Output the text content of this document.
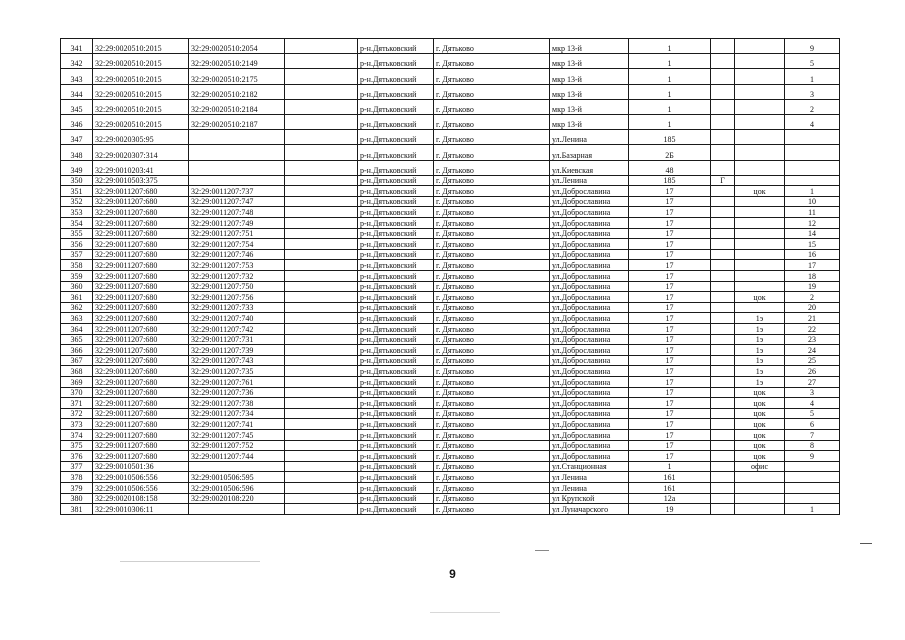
341	32:29:0020510:2015	32:29:0020510:2054		р-н.Дятьковский	г. Дятьково	мкр 13-й	1			9
342	32:29:0020510:2015	32:29:0020510:2149		р-н.Дятьковский	г. Дятьково	мкр 13-й	1			5
343	32:29:0020510:2015	32:29:0020510:2175		р-н.Дятьковский	г. Дятьково	мкр 13-й	1			1
344	32:29:0020510:2015	32:29:0020510:2182		р-н.Дятьковский	г. Дятьково	мкр 13-й	1			3
345	32:29:0020510:2015	32:29:0020510:2184		р-н.Дятьковский	г. Дятьково	мкр 13-й	1			2
346	32:29:0020510:2015	32:29:0020510:2187		р-н.Дятьковский	г. Дятьково	мкр 13-й	1			4
347	32:29:0020305:95			р-н.Дятьковский	г. Дятьково	ул.Ленина	185			
348	32:29:0020307:314			р-н.Дятьковский	г. Дятьково	ул.Базарная	2Б			
349	32:29:0010203:41			р-н.Дятьковский	г. Дятьково	ул.Киевская	48			
350	32:29:0010503:375			р-н.Дятьковский	г. Дятьково	ул.Ленина	185	Г		
351	32:29:0011207:680	32:29:0011207:737		р-н.Дятьковский	г. Дятьково	ул.Доброславина	17		цок	1
352	32:29:0011207:680	32:29:0011207:747		р-н.Дятьковский	г. Дятьково	ул.Доброславина	17			10
353	32:29:0011207:680	32:29:0011207:748		р-н.Дятьковский	г. Дятьково	ул.Доброславина	17			11
354	32:29:0011207:680	32:29:0011207:749		р-н.Дятьковский	г. Дятьково	ул.Доброславина	17			12
355	32:29:0011207:680	32:29:0011207:751		р-н.Дятьковский	г. Дятьково	ул.Доброславина	17			14
356	32:29:0011207:680	32:29:0011207:754		р-н.Дятьковский	г. Дятьково	ул.Доброславина	17			15
357	32:29:0011207:680	32:29:0011207:746		р-н.Дятьковский	г. Дятьково	ул.Доброславина	17			16
358	32:29:0011207:680	32:29:0011207:753		р-н.Дятьковский	г. Дятьково	ул.Доброславина	17			17
359	32:29:0011207:680	32:29:0011207:732		р-н.Дятьковский	г. Дятьково	ул.Доброславина	17			18
360	32:29:0011207:680	32:29:0011207:750		р-н.Дятьковский	г. Дятьково	ул.Доброславина	17			19
361	32:29:0011207:680	32:29:0011207:756		р-н.Дятьковский	г. Дятьково	ул.Доброславина	17		цок	2
362	32:29:0011207:680	32:29:0011207:733		р-н.Дятьковский	г. Дятьково	ул.Доброславина	17			20
363	32:29:0011207:680	32:29:0011207:740		р-н.Дятьковский	г. Дятьково	ул.Доброславина	17		1э	21
364	32:29:0011207:680	32:29:0011207:742		р-н.Дятьковский	г. Дятьково	ул.Доброславина	17		1э	22
365	32:29:0011207:680	32:29:0011207:731		р-н.Дятьковский	г. Дятьково	ул.Доброславина	17		1э	23
366	32:29:0011207:680	32:29:0011207:739		р-н.Дятьковский	г. Дятьково	ул.Доброславина	17		1э	24
367	32:29:0011207:680	32:29:0011207:743		р-н.Дятьковский	г. Дятьково	ул.Доброславина	17		1э	25
368	32:29:0011207:680	32:29:0011207:735		р-н.Дятьковский	г. Дятьково	ул.Доброславина	17		1э	26
369	32:29:0011207:680	32:29:0011207:761		р-н.Дятьковский	г. Дятьково	ул.Доброславина	17		1э	27
370	32:29:0011207:680	32:29:0011207:736		р-н.Дятьковский	г. Дятьково	ул.Доброславина	17		цок	3
371	32:29:0011207:680	32:29:0011207:738		р-н.Дятьковский	г. Дятьково	ул.Доброславина	17		цок	4
372	32:29:0011207:680	32:29:0011207:734		р-н.Дятьковский	г. Дятьково	ул.Доброславина	17		цок	5
373	32:29:0011207:680	32:29:0011207:741		р-н.Дятьковский	г. Дятьково	ул.Доброславина	17		цок	6
374	32:29:0011207:680	32:29:0011207:745		р-н.Дятьковский	г. Дятьково	ул.Доброславина	17		цок	7
375	32:29:0011207:680	32:29:0011207:752		р-н.Дятьковский	г. Дятьково	ул.Доброславина	17		цок	8
376	32:29:0011207:680	32:29:0011207:744		р-н.Дятьковский	г. Дятьково	ул.Доброславина	17		цок	9
377	32:29:0010501:36			р-н.Дятьковский	г. Дятьково	ул.Станционная	1		офис	
378	32:29:0010506:556	32:29:0010506:595		р-н.Дятьковский	г. Дятьково	ул Ленина	161			
379	32:29:0010506:556	32:29:0010506:596		р-н.Дятьковский	г. Дятьково	ул Ленина	161			
380	32:29:0020108:158	32:29:0020108:220		р-н.Дятьковский	г. Дятьково	ул Крупской	12а			
381	32:29:0010306:11			р-н.Дятьковский	г. Дятьково	ул Луначарского	19			1
9
